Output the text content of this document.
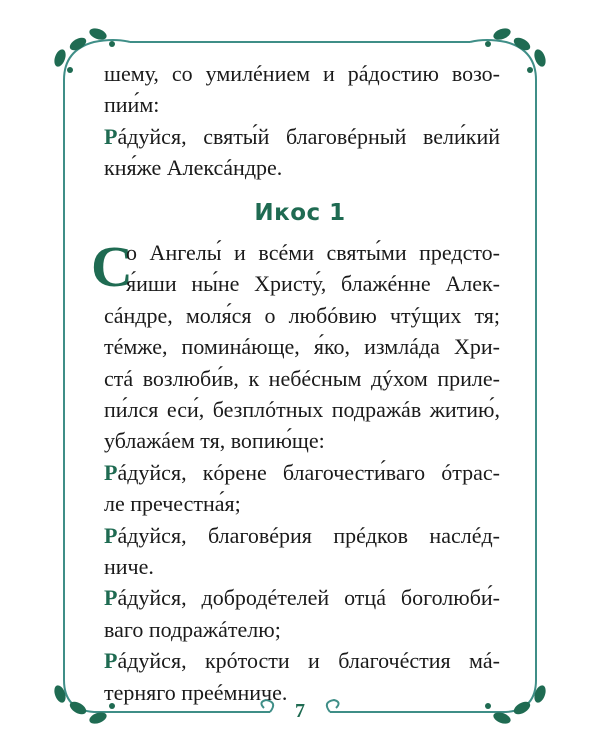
шему, со умилéнием и рáдостию возо-
пии́м:
Рáдуйся, святы́й благовéрный вели́кий
кня́же Алексáндре.
Икос 1
С
о Ангелы́ и вcéми святы́ми предсто-
я́иши ны́не Христу́, блажéнне Алек-
сáндре, моля́ся о любóвию чтýщих тя;
тéмже, поминáюще, я́ко, измлáда Хри-
стá возлюби́в, к небéсным дýхом приле-
пи́лся еси́, безплóтных подражáв житию́,
ублажáем тя, вопию́ще:
Рáдуйся, кóрене благочести́ваго óтрас-
ле пречестна́я;
Рáдуйся, благовéрия прéдков наслéд-
ниче.
Рáдуйся, добродéтелей отцá боголюби́-
ваго подражáтелю;
Рáдуйся, крóтости и благочéстия мá-
терняго преéмниче.
7
